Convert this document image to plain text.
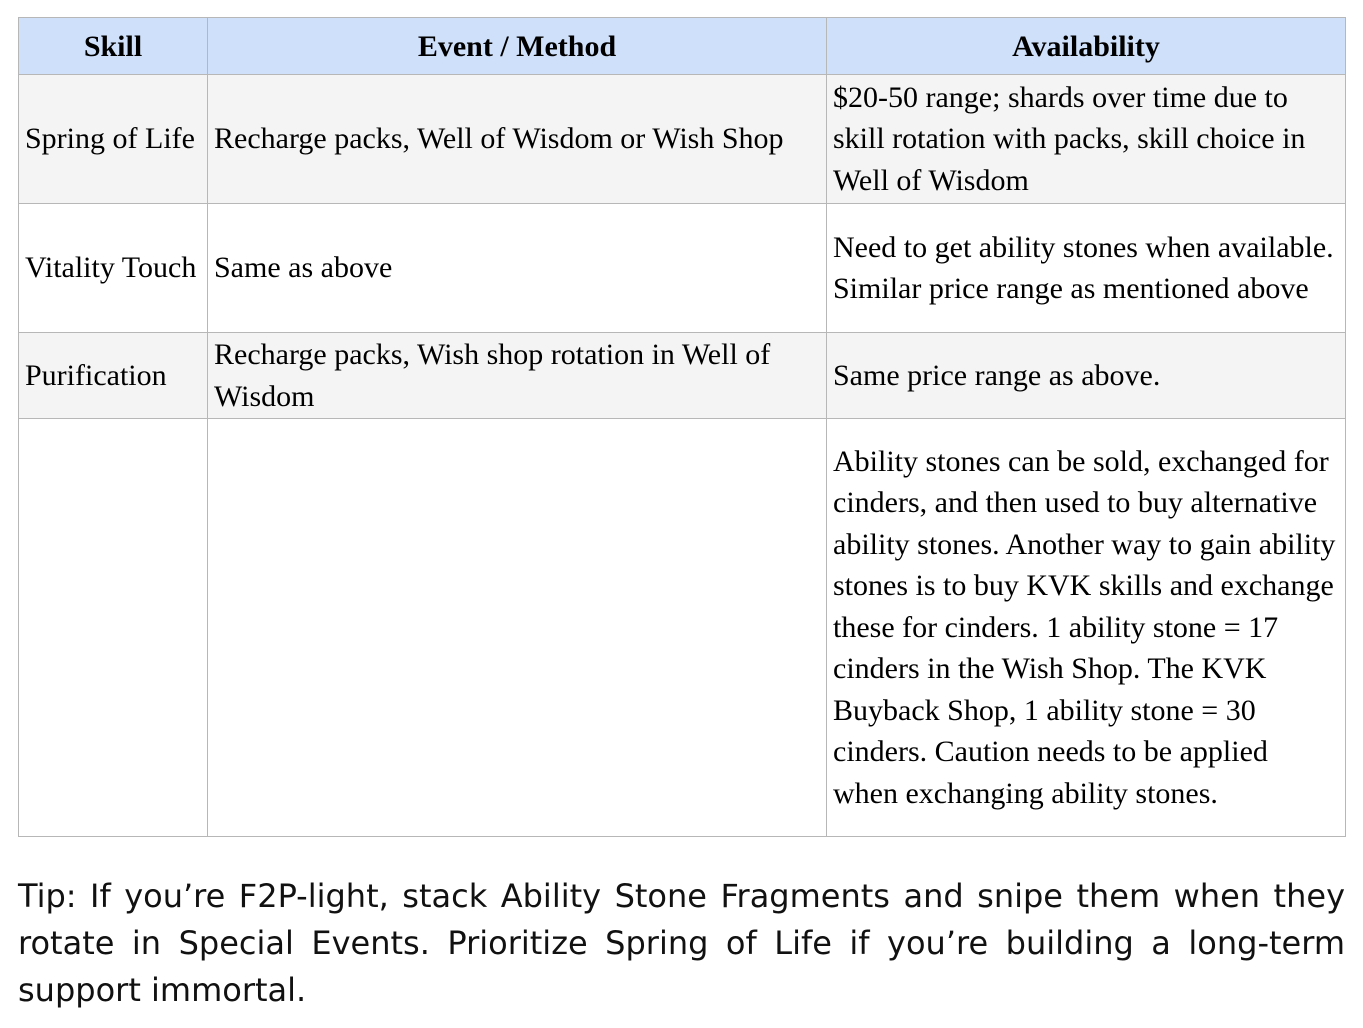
Skill	Event / Method	Availability
Spring of Life	Recharge packs, Well of Wisdom or Wish Shop	$20-50 range; shards over time due to skill rotation with packs, skill choice in Well of Wisdom
Vitality Touch	Same as above	Need to get ability stones when available. Similar price range as mentioned above
Purification	Recharge packs, Wish shop rotation in Well of Wisdom	Same price range as above.
		Ability stones can be sold, exchanged for cinders, and then used to buy alternative ability stones. Another way to gain ability stones is to buy KVK skills and exchange these for cinders. 1 ability stone = 17 cinders in the Wish Shop. The KVK Buyback Shop, 1 ability stone = 30 cinders. Caution needs to be applied when exchanging ability stones.

Tip: If you’re F2P-light, stack Ability Stone Fragments and snipe them when they rotate in Special Events. Prioritize Spring of Life if you’re building a long-term support immortal.
